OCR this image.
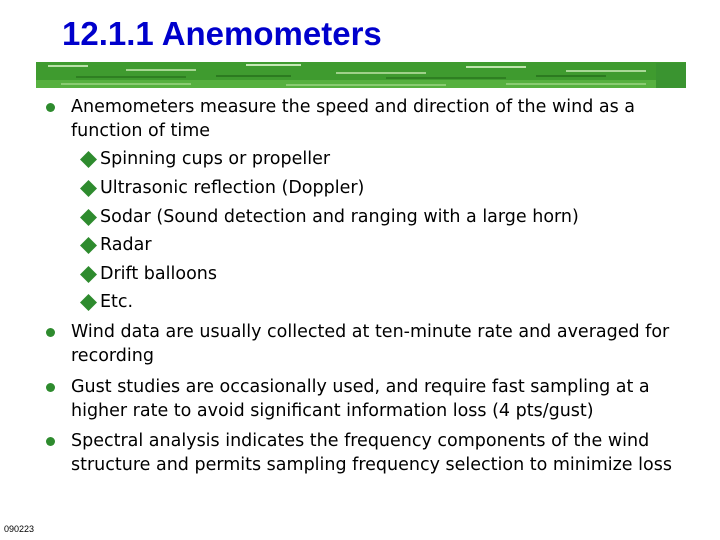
12.1.1 Anemometers
Anemometers measure the speed and direction of the wind as a function of time
Spinning cups or propeller
Ultrasonic reflection (Doppler)
Sodar (Sound detection and ranging with a large horn)
Radar
Drift balloons
Etc.
Wind data are usually collected at ten-minute rate and averaged for recording
Gust studies are occasionally used, and require fast sampling at a higher rate to avoid significant information loss (4 pts/gust)
Spectral analysis indicates the frequency components of the wind structure and permits sampling frequency selection to minimize loss
090223
